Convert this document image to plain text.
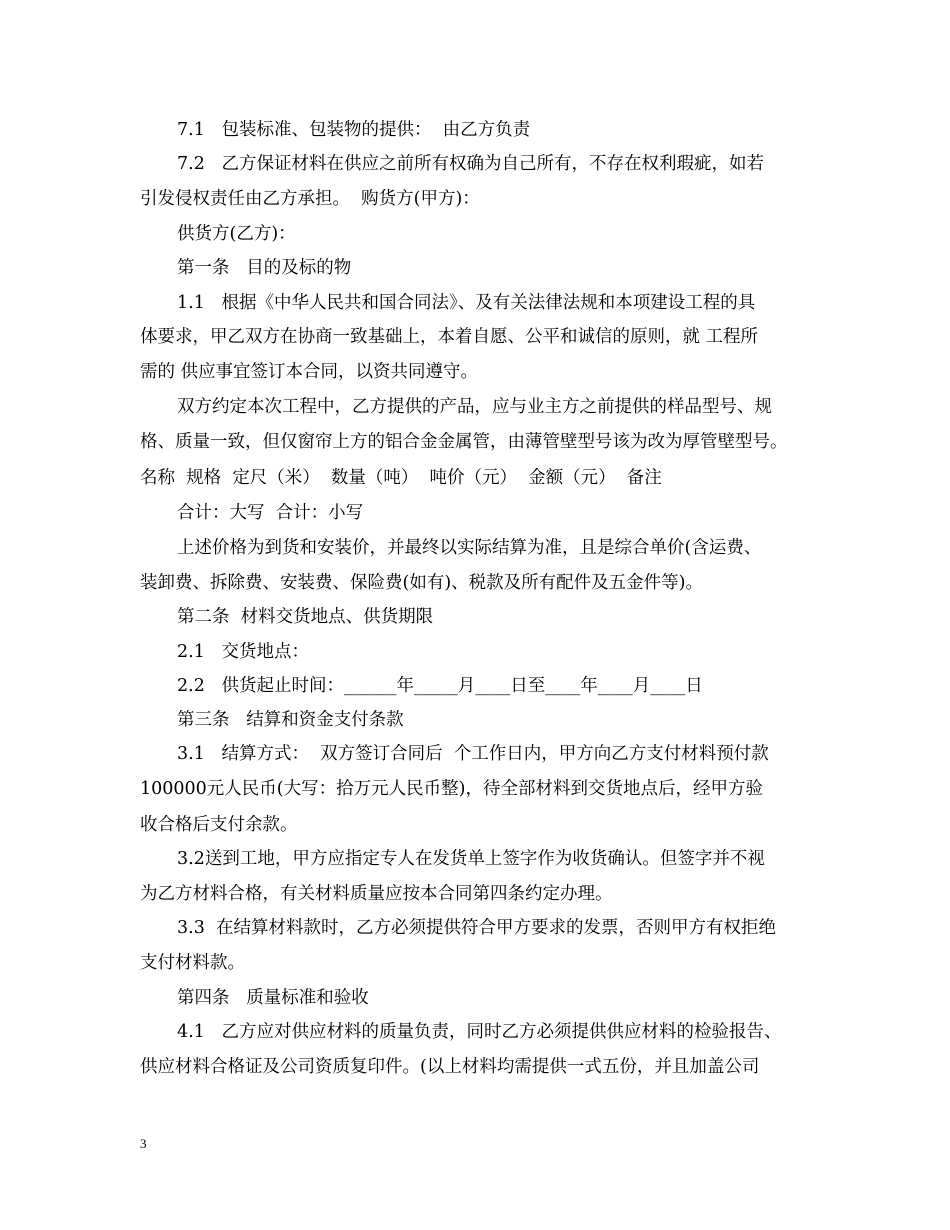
7.1   包装标准、包装物的提供：  由乙方负责
7.2   乙方保证材料在供应之前所有权确为自己所有，不存在权利瑕疵，如若
引发侵权责任由乙方承担。  购货方(甲方)：
供货方(乙方)：
第一条   目的及标的物
1.1   根据《中华人民共和国合同法》、及有关法律法规和本项建设工程的具
体要求，甲乙双方在协商一致基础上，本着自愿、公平和诚信的原则，就 工程所
需的 供应事宜签订本合同，以资共同遵守。
双方约定本次工程中，乙方提供的产品，应与业主方之前提供的样品型号、规
格、质量一致，但仅窗帘上方的铝合金金属管，由薄管壁型号该为改为厚管壁型号。
名称  规格  定尺（米）  数量（吨）  吨价（元）  金额（元）  备注
合计：大写  合计：小写
上述价格为到货和安装价，并最终以实际结算为准，且是综合单价(含运费、
装卸费、拆除费、安装费、保险费(如有)、税款及所有配件及五金件等)。
第二条  材料交货地点、供货期限
2.1   交货地点：
2.2   供货起止时间：______年_____月____日至____年____月____日
第三条   结算和资金支付条款
3.1   结算方式：  双方签订合同后  个工作日内，甲方向乙方支付材料预付款
100000元人民币(大写：拾万元人民币整)，待全部材料到交货地点后，经甲方验
收合格后支付余款。
3.2送到工地，甲方应指定专人在发货单上签字作为收货确认。但签字并不视
为乙方材料合格，有关材料质量应按本合同第四条约定办理。
3.3  在结算材料款时，乙方必须提供符合甲方要求的发票，否则甲方有权拒绝
支付材料款。
第四条   质量标准和验收
4.1   乙方应对供应材料的质量负责，同时乙方必须提供供应材料的检验报告、
供应材料合格证及公司资质复印件。(以上材料均需提供一式五份，并且加盖公司
3
